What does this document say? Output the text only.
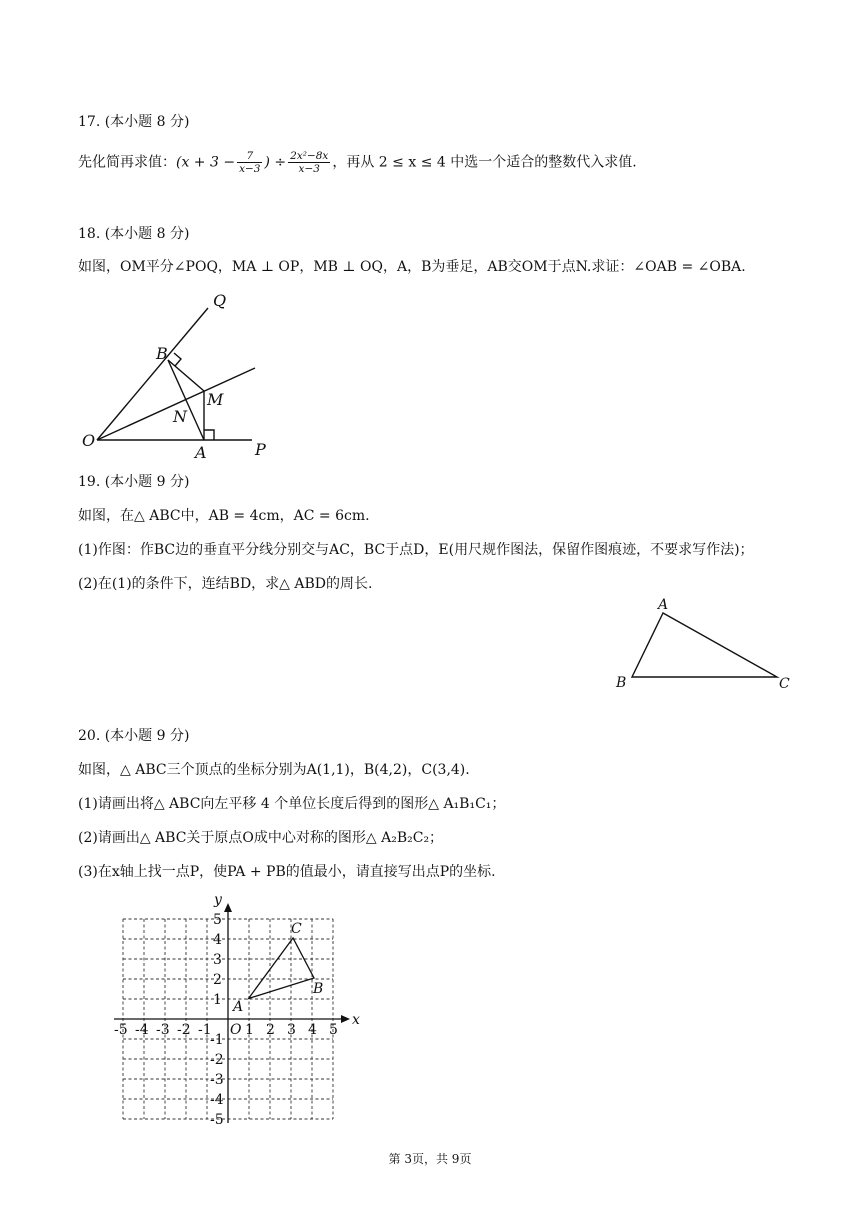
17. (本小题 8 分)
先化简再求值：($x + 3 - \frac{7}{x-3}$ ) ÷ $\frac{\text{2x²−8x}}{x-3}$ ，再从 2 ≤ x ≤ 4 中选一个适合的整数代入求值.
18. (本小题 8 分)
如图，OM平分∠POQ，MA ⊥ OP，MB ⊥ OQ，A，B为垂足，AB交OM于点N.求证：∠OAB = ∠OBA.
Q
B
M
N
O
A	P
19. (本小题 9 分)
如图，在△ ABC中，AB = 4cm，AC = 6cm.
(1)作图：作BC边的垂直平分线分别交与AC，BC于点D，E(用尺规作图法，保留作图痕迹，不要求写作法)；
(2)在(1)的条件下，连结BD，求△ ABD的周长.
A
B	C
20. (本小题 9 分)
如图，△ ABC三个顶点的坐标分别为A(1,1)，B(4,2)，C(3,4).
(1)请画出将△ ABC向左平移 4 个单位长度后得到的图形△ A₁B₁C₁；
(2)请画出△ ABC关于原点O成中心对称的图形△ A₂B₂C₂；
(3)在x轴上找一点P，使PA + PB的值最小，请直接写出点P的坐标.
x
y
O
A
B
C
-5 -4 -3 -2 -1 1 2 3 4 5
5
4
3
2
1
-1
-2
-3
-4
-5
第 3页，共 9页
